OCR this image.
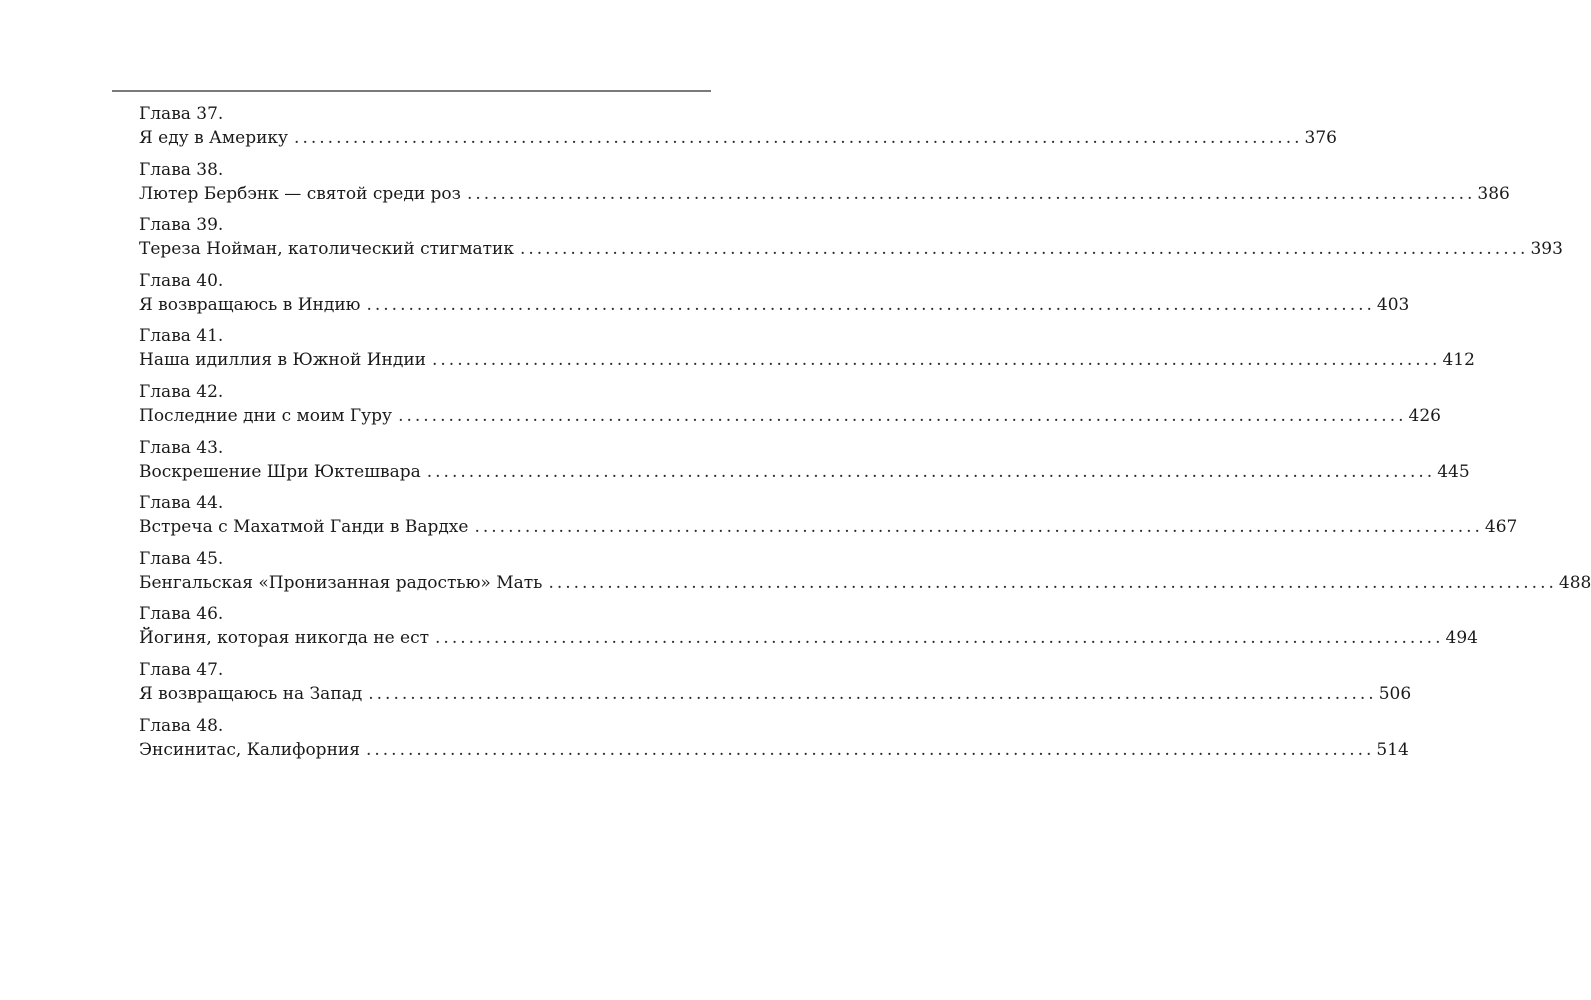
Глава 37.
Я еду в Америку ........................................................................................................................ 376
Глава 38.
Лютер Бербэнк — святой среди роз ........................................................................................................................ 386
Глава 39.
Тереза Нойман, католический стигматик ........................................................................................................................ 393
Глава 40.
Я возвращаюсь в Индию ........................................................................................................................ 403
Глава 41.
Наша идиллия в Южной Индии ........................................................................................................................ 412
Глава 42.
Последние дни с моим Гуру ........................................................................................................................ 426
Глава 43.
Воскрешение Шри Юктешвара ........................................................................................................................ 445
Глава 44.
Встреча с Махатмой Ганди в Вардхе ........................................................................................................................ 467
Глава 45.
Бенгальская «Пронизанная радостью» Мать ........................................................................................................................ 488
Глава 46.
Йогиня, которая никогда не ест ........................................................................................................................ 494
Глава 47.
Я возвращаюсь на Запад ........................................................................................................................ 506
Глава 48.
Энсинитас, Калифорния ........................................................................................................................ 514
